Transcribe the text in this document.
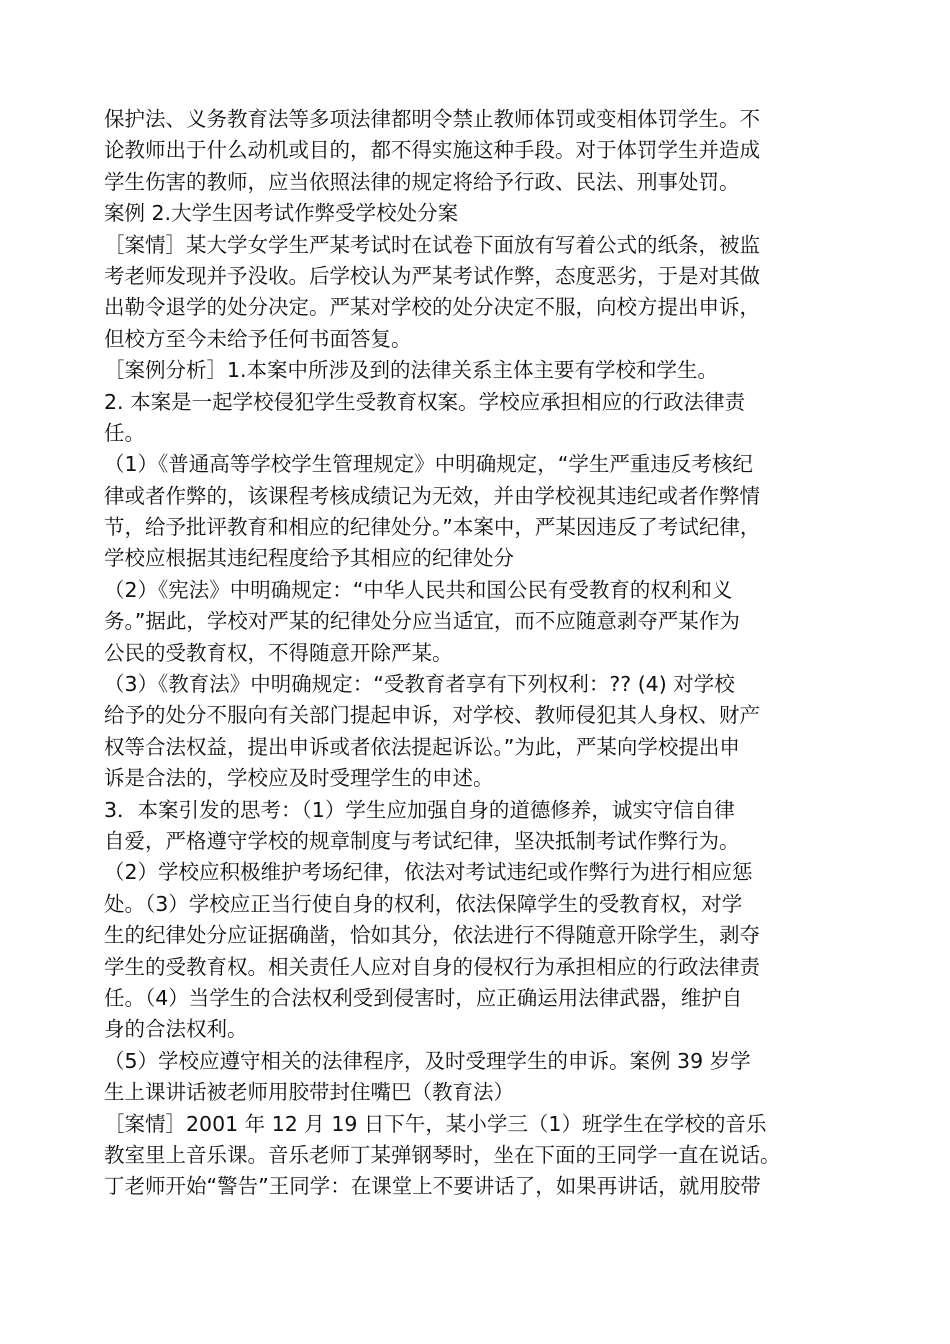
保护法、义务教育法等多项法律都明令禁止教师体罚或变相体罚学生。不
论教师出于什么动机或目的，都不得实施这种手段。对于体罚学生并造成
学生伤害的教师，应当依照法律的规定将给予行政、民法、刑事处罚。
案例 2.大学生因考试作弊受学校处分案
［案情］某大学女学生严某考试时在试卷下面放有写着公式的纸条，被监
考老师发现并予没收。后学校认为严某考试作弊，态度恶劣，于是对其做
出勒令退学的处分决定。严某对学校的处分决定不服，向校方提出申诉，
但校方至今未给予任何书面答复。
［案例分析］1.本案中所涉及到的法律关系主体主要有学校和学生。
2. 本案是一起学校侵犯学生受教育权案。学校应承担相应的行政法律责
任。
（1）《普通高等学校学生管理规定》中明确规定，“学生严重违反考核纪
律或者作弊的，该课程考核成绩记为无效，并由学校视其违纪或者作弊情
节，给予批评教育和相应的纪律处分。”本案中，严某因违反了考试纪律，
学校应根据其违纪程度给予其相应的纪律处分
（2）《宪法》中明确规定：“中华人民共和国公民有受教育的权利和义
务。”据此，学校对严某的纪律处分应当适宜，而不应随意剥夺严某作为
公民的受教育权，不得随意开除严某。
（3）《教育法》中明确规定：“受教育者享有下列权利：?? (4) 对学校
给予的处分不服向有关部门提起申诉，对学校、教师侵犯其人身权、财产
权等合法权益，提出申诉或者依法提起诉讼。”为此，严某向学校提出申
诉是合法的，学校应及时受理学生的申述。
3．本案引发的思考：（1）学生应加强自身的道德修养，诚实守信自律
自爱，严格遵守学校的规章制度与考试纪律，坚决抵制考试作弊行为。
（2）学校应积极维护考场纪律，依法对考试违纪或作弊行为进行相应惩
处。（3）学校应正当行使自身的权利，依法保障学生的受教育权，对学
生的纪律处分应证据确凿，恰如其分，依法进行不得随意开除学生，剥夺
学生的受教育权。相关责任人应对自身的侵权行为承担相应的行政法律责
任。（4）当学生的合法权利受到侵害时，应正确运用法律武器，维护自
身的合法权利。
（5）学校应遵守相关的法律程序，及时受理学生的申诉。案例 39 岁学
生上课讲话被老师用胶带封住嘴巴（教育法）
［案情］2001 年 12 月 19 日下午，某小学三（1）班学生在学校的音乐
教室里上音乐课。音乐老师丁某弹钢琴时，坐在下面的王同学一直在说话。
丁老师开始“警告”王同学：在课堂上不要讲话了，如果再讲话，就用胶带
